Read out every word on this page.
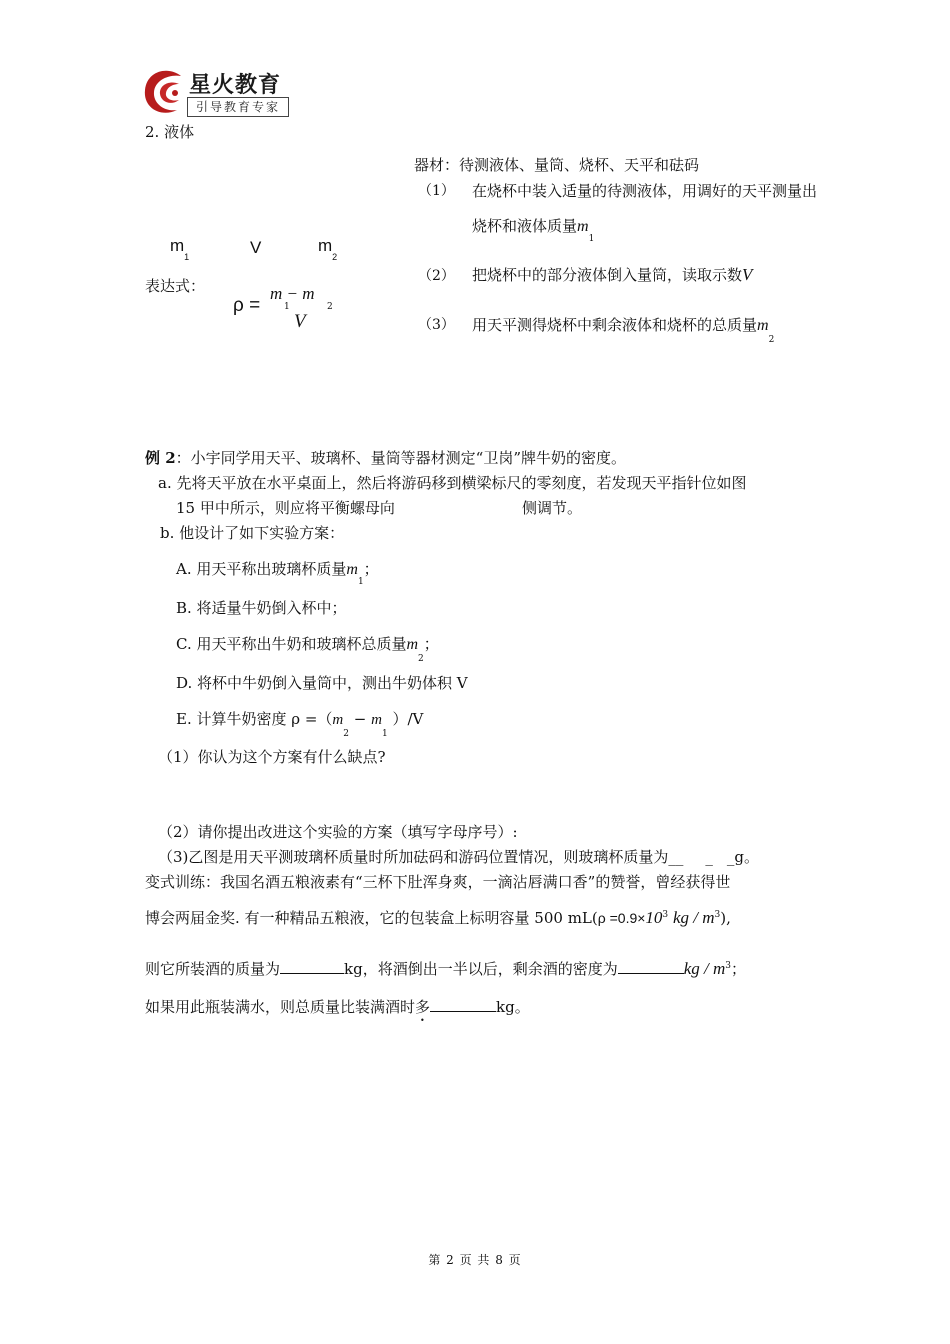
星火教育
引导教育专家
2. 液体
器材：待测液体、量筒、烧杯、天平和砝码
（1） 在烧杯中装入适量的待测液体，用调好的天平测量出
烧杯和液体质量$m_1$
（2） 把烧杯中的部分液体倒入量筒，读取示数V
（3） 用天平测得烧杯中剩余液体和烧杯的总质量$m_2$
$m_1$
V	$m_2$
表达式：
ρ =
m − m
1	2
V
例 2：小宇同学用天平、玻璃杯、量筒等器材测定“卫岗”牌牛奶的密度。
a. 先将天平放在水平桌面上，然后将游码移到横梁标尺的零刻度，若发现天平指针位如图
15 甲中所示，则应将平衡螺母向	侧调节。
b. 他设计了如下实验方案：
A. 用天平称出玻璃杯质量$m_1$；
B. 将适量牛奶倒入杯中；
C. 用天平称出牛奶和玻璃杯总质量$m_2$；
D. 将杯中牛奶倒入量筒中，测出牛奶体积 V
E. 计算牛奶密度 $\rho =(m_2 - m_1$ ）/V
（1）你认为这个方案有什么缺点?
（2）请你提出改进这个实验的方案（填写字母序号）:
（3)乙图是用天平测玻璃杯质量时所加砝码和游码位置情况，则玻璃杯质量为__ _ _g。
变式训练：我国名酒五粮液素有“三杯下肚浑身爽，一滴沾唇满口香”的赞誉，曾经获得世
博会两届金奖. 有一种精品五粮液，它的包装盒上标明容量 500 $mL(\rho =0.9\times 10^3$ kg / $m^3$),
则它所装酒的质量为	kg，将酒倒出一半以后，剩余酒的密度为	kg / $m^3$；
如果用此瓶装满水，则总质量比装满酒时多	kg。
第 2 页 共 8 页
